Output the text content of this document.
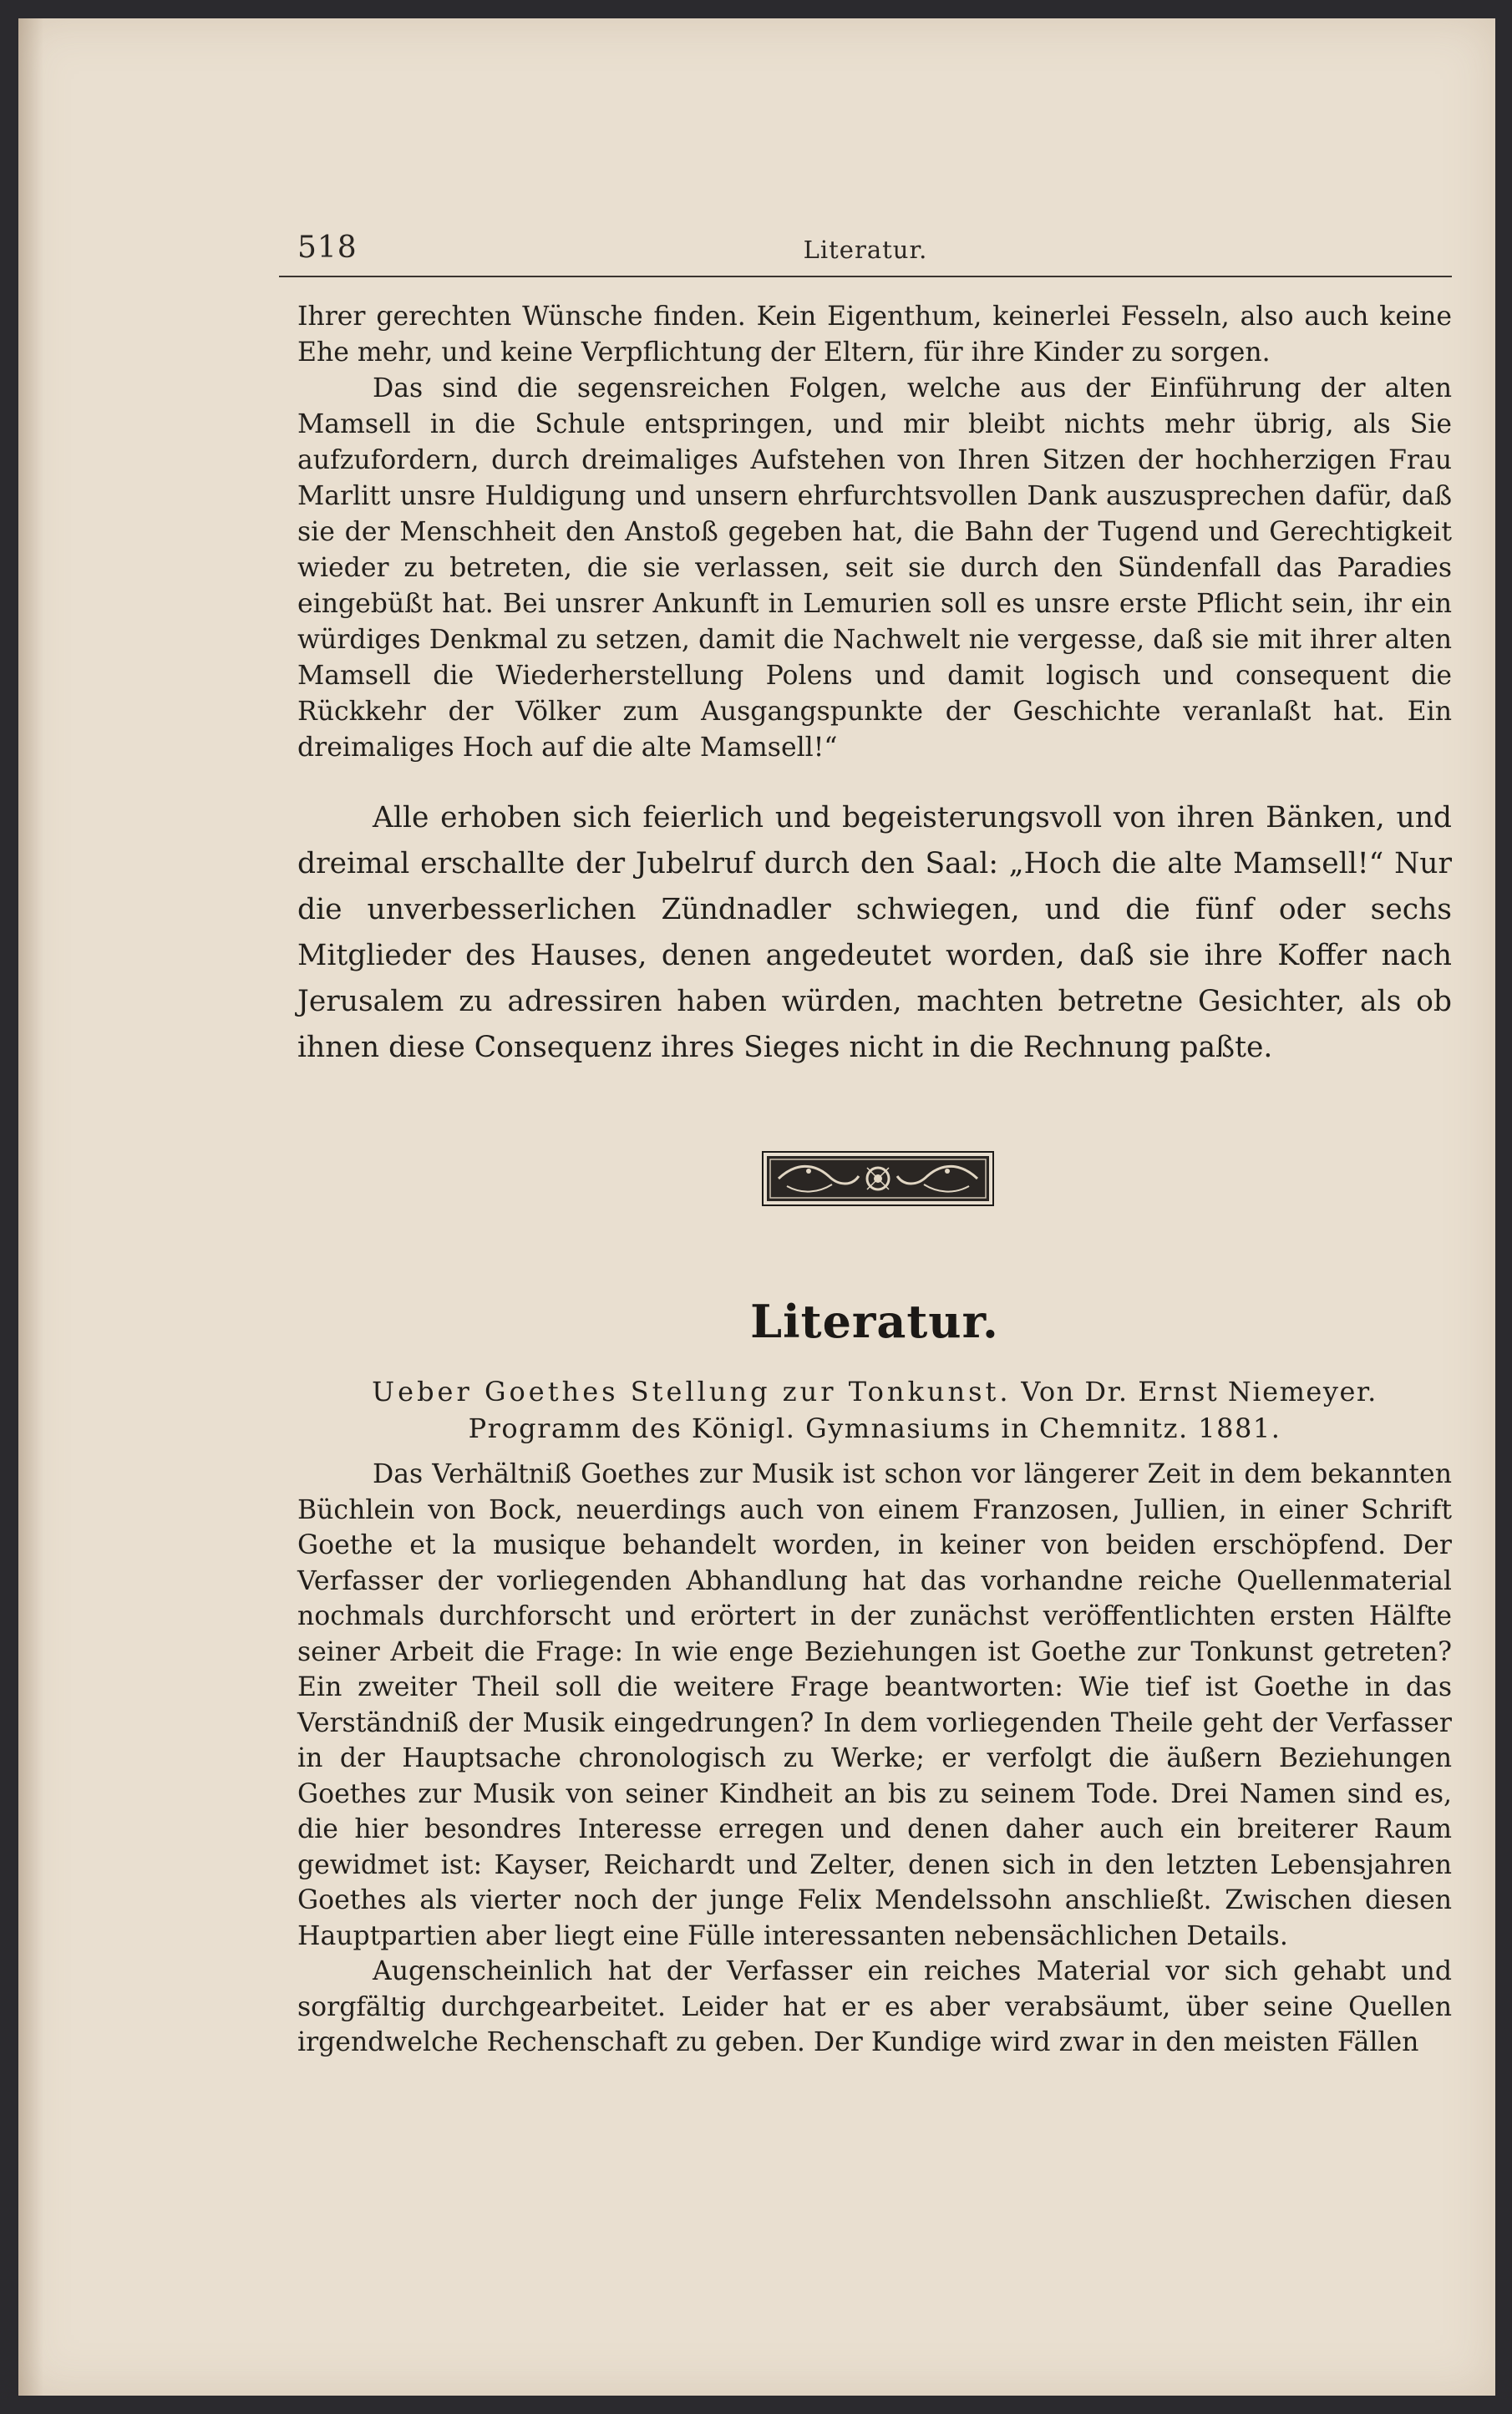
518	Literatur.

Ihrer gerechten Wünsche finden. Kein Eigenthum, keinerlei Fesseln, also auch keine Ehe mehr, und keine Verpflichtung der Eltern, für ihre Kinder zu sorgen.

Das sind die segensreichen Folgen, welche aus der Einführung der alten Mamsell in die Schule entspringen, und mir bleibt nichts mehr übrig, als Sie aufzufordern, durch dreimaliges Aufstehen von Ihren Sitzen der hochherzigen Frau Marlitt unsre Huldigung und unsern ehrfurchtsvollen Dank auszusprechen dafür, daß sie der Menschheit den Anstoß gegeben hat, die Bahn der Tugend und Gerechtigkeit wieder zu betreten, die sie verlassen, seit sie durch den Sündenfall das Paradies eingebüßt hat. Bei unsrer Ankunft in Lemurien soll es unsre erste Pflicht sein, ihr ein würdiges Denkmal zu setzen, damit die Nachwelt nie vergesse, daß sie mit ihrer alten Mamsell die Wiederherstellung Polens und damit logisch und consequent die Rückkehr der Völker zum Ausgangspunkte der Geschichte veranlaßt hat. Ein dreimaliges Hoch auf die alte Mamsell!“

Alle erhoben sich feierlich und begeisterungsvoll von ihren Bänken, und dreimal erschallte der Jubelruf durch den Saal: „Hoch die alte Mamsell!“ Nur die unverbesserlichen Zündnadler schwiegen, und die fünf oder sechs Mitglieder des Hauses, denen angedeutet worden, daß sie ihre Koffer nach Jerusalem zu adressiren haben würden, machten betretne Gesichter, als ob ihnen diese Consequenz ihres Sieges nicht in die Rechnung paßte.

Literatur.
Ueber Goethes Stellung zur Tonkunst. Von Dr. Ernst Niemeyer. Programm des Königl. Gymnasiums in Chemnitz. 1881.

Das Verhältniß Goethes zur Musik ist schon vor längerer Zeit in dem bekannten Büchlein von Bock, neuerdings auch von einem Franzosen, Jullien, in einer Schrift Goethe et la musique behandelt worden, in keiner von beiden erschöpfend. Der Verfasser der vorliegenden Abhandlung hat das vorhandne reiche Quellenmaterial nochmals durchforscht und erörtert in der zunächst veröffentlichten ersten Hälfte seiner Arbeit die Frage: In wie enge Beziehungen ist Goethe zur Tonkunst getreten? Ein zweiter Theil soll die weitere Frage beantworten: Wie tief ist Goethe in das Verständniß der Musik eingedrungen? In dem vorliegenden Theile geht der Verfasser in der Hauptsache chronologisch zu Werke; er verfolgt die äußern Beziehungen Goethes zur Musik von seiner Kindheit an bis zu seinem Tode. Drei Namen sind es, die hier besondres Interesse erregen und denen daher auch ein breiterer Raum gewidmet ist: Kayser, Reichardt und Zelter, denen sich in den letzten Lebensjahren Goethes als vierter noch der junge Felix Mendelssohn anschließt. Zwischen diesen Hauptpartien aber liegt eine Fülle interessanten nebensächlichen Details.

Augenscheinlich hat der Verfasser ein reiches Material vor sich gehabt und sorgfältig durchgearbeitet. Leider hat er es aber verabsäumt, über seine Quellen irgendwelche Rechenschaft zu geben. Der Kundige wird zwar in den meisten Fällen
